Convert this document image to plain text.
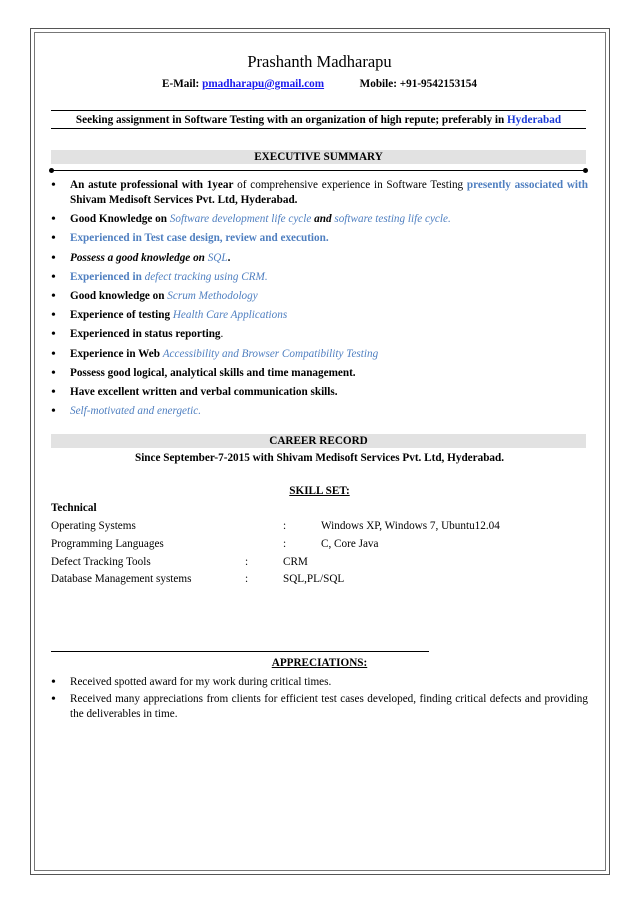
Prashanth Madharapu
E-Mail: pmadharapu@gmail.com	Mobile: +91-9542153154
Seeking assignment in Software Testing with an organization of high repute; preferably in Hyderabad
EXECUTIVE SUMMARY
• An astute professional with 1year of comprehensive experience in Software Testing presently associated with Shivam Medisoft Services Pvt. Ltd, Hyderabad.
• Good Knowledge on Software development life cycle and software testing life cycle.
• Experienced in Test case design, review and execution.
• Possess a good knowledge on SQL.
• Experienced in defect tracking using CRM.
• Good knowledge on Scrum Methodology
• Experience of testing Health Care Applications
• Experienced in status reporting.
• Experience in Web Accessibility and Browser Compatibility Testing
• Possess good logical, analytical skills and time management.
• Have excellent written and verbal communication skills.
• Self-motivated and energetic.
CAREER RECORD
Since September-7-2015 with Shivam Medisoft Services Pvt. Ltd, Hyderabad.
SKILL SET:
Technical
Operating Systems	:	Windows XP, Windows 7, Ubuntu12.04
Programming Languages	:	C, Core Java
Defect Tracking Tools	:	CRM
Database Management systems	:	SQL,PL/SQL
APPRECIATIONS:
• Received spotted award for my work during critical times.
• Received many appreciations from clients for efficient test cases developed, finding critical defects and providing the deliverables in time.
